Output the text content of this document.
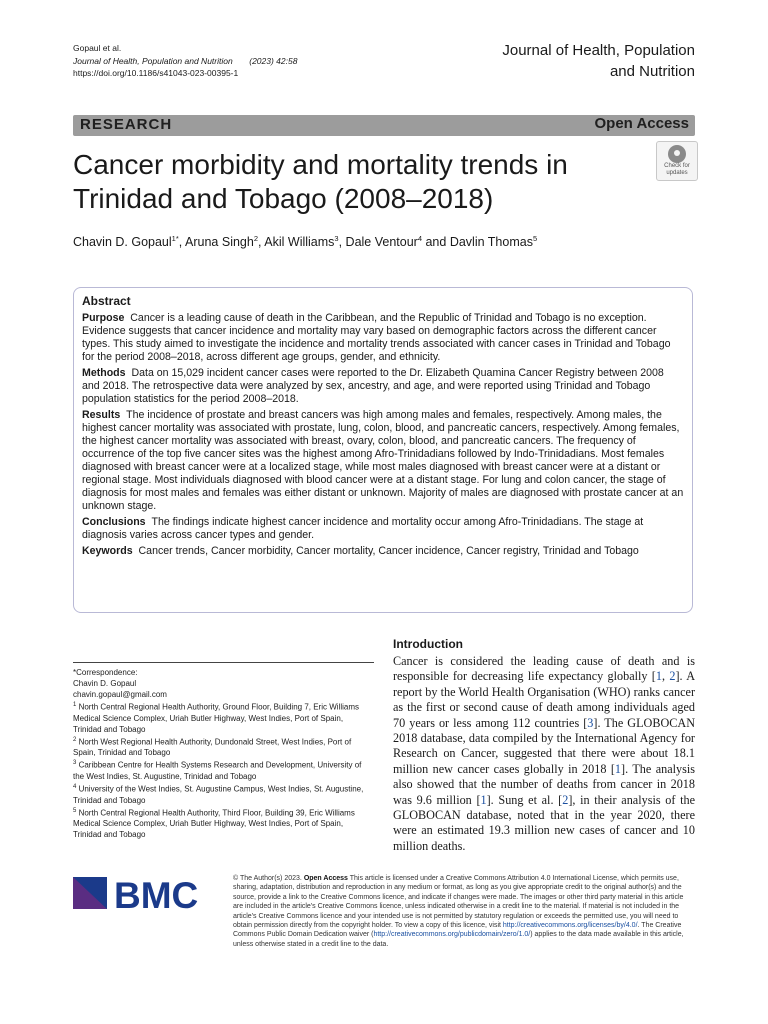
Gopaul et al.
Journal of Health, Population and Nutrition (2023) 42:58
https://doi.org/10.1186/s41043-023-00395-1
Journal of Health, Population
and Nutrition
RESEARCH	Open Access
Cancer morbidity and mortality trends in Trinidad and Tobago (2008–2018)
Check for
updates
Chavin D. Gopaul$^{1*}$, Aruna Singh$^2$, Akil Williams$^3$, Dale Ventour$^4$ and Davlin Thomas$^5$
Abstract

Purpose Cancer is a leading cause of death in the Caribbean, and the Republic of Trinidad and Tobago is no exception. Evidence suggests that cancer incidence and mortality may vary based on demographic factors across the different cancer types. This study aimed to investigate the incidence and mortality trends associated with cancer cases in Trinidad and Tobago for the period 2008–2018, across different age groups, gender, and ethnicity.

Methods Data on 15,029 incident cancer cases were reported to the Dr. Elizabeth Quamina Cancer Registry between 2008 and 2018. The retrospective data were analyzed by sex, ancestry, and age, and were reported using Trinidad and Tobago population statistics for the period 2008–2018.

Results The incidence of prostate and breast cancers was high among males and females, respectively. Among males, the highest cancer mortality was associated with prostate, lung, colon, blood, and pancreatic cancers, respectively. Among females, the highest cancer mortality was associated with breast, ovary, colon, blood, and pancreatic cancers. The frequency of occurrence of the top five cancer sites was the highest among Afro-Trinidadians followed by Indo-Trinidadians. Most females diagnosed with breast cancer were at a localized stage, while most males diagnosed with breast cancer were at a distant or regional stage. Most individuals diagnosed with blood cancer were at a distant stage. For lung and colon cancer, the stage of diagnosis for most males and females was either distant or unknown. Majority of males are diagnosed with prostate cancer at an unknown stage.

Conclusions The findings indicate highest cancer incidence and mortality occur among Afro-Trinidadians. The stage at diagnosis varies across cancer types and gender.

Keywords Cancer trends, Cancer morbidity, Cancer mortality, Cancer incidence, Cancer registry, Trinidad and Tobago

*Correspondence:

Chavin D. Gopaul

chavin.gopaul@gmail.com

$^1$ North Central Regional Health Authority, Ground Floor, Building 7, Eric Williams Medical Science Complex, Uriah Butler Highway, West Indies, Port of Spain, Trinidad and Tobago

$^2$ North West Regional Health Authority, Dundonald Street, West Indies, Port of Spain, Trinidad and Tobago

$^3$ Caribbean Centre for Health Systems Research and Development, University of the West Indies, St. Augustine, Trinidad and Tobago

$^4$ University of the West Indies, St. Augustine Campus, West Indies, St. Augustine, Trinidad and Tobago

$^5$ North Central Regional Health Authority, Third Floor, Building 39, Eric Williams Medical Science Complex, Uriah Butler Highway, West Indies, Port of Spain, Trinidad and Tobago

Introduction
Cancer is considered the leading cause of death and is responsible for decreasing life expectancy globally [1, 2]. A report by the World Health Organisation (WHO) ranks cancer as the first or second cause of death among individuals aged 70 years or less among 112 countries [3]. The GLOBOCAN 2018 database, data compiled by the International Agency for Research on Cancer, suggested that there were about 18.1 million new cancer cases globally in 2018 [1]. The analysis also showed that the number of deaths from cancer in 2018 was 9.6 million [1]. Sung et al. [2], in their analysis of the GLOBOCAN database, noted that in the year 2020, there were an estimated 19.3 million new cases of cancer and 10 million deaths.
BMC	© The Author(s) 2023. Open Access This article is licensed under a Creative Commons Attribution 4.0 International License, which permits use, sharing, adaptation, distribution and reproduction in any medium or format, as long as you give appropriate credit to the original author(s) and the source, provide a link to the Creative Commons licence, and indicate if changes were made. The images or other third party material in this article are included in the article's Creative Commons licence, unless indicated otherwise in a credit line to the material. If material is not included in the article's Creative Commons licence and your intended use is not permitted by statutory regulation or exceeds the permitted use, you will need to obtain permission directly from the copyright holder. To view a copy of this licence, visit http://creativecommons.org/licenses/by/4.0/. The Creative Commons Public Domain Dedication waiver (http://creativecommons.org/publicdomain/zero/1.0/) applies to the data made available in this article, unless otherwise stated in a credit line to the data.
